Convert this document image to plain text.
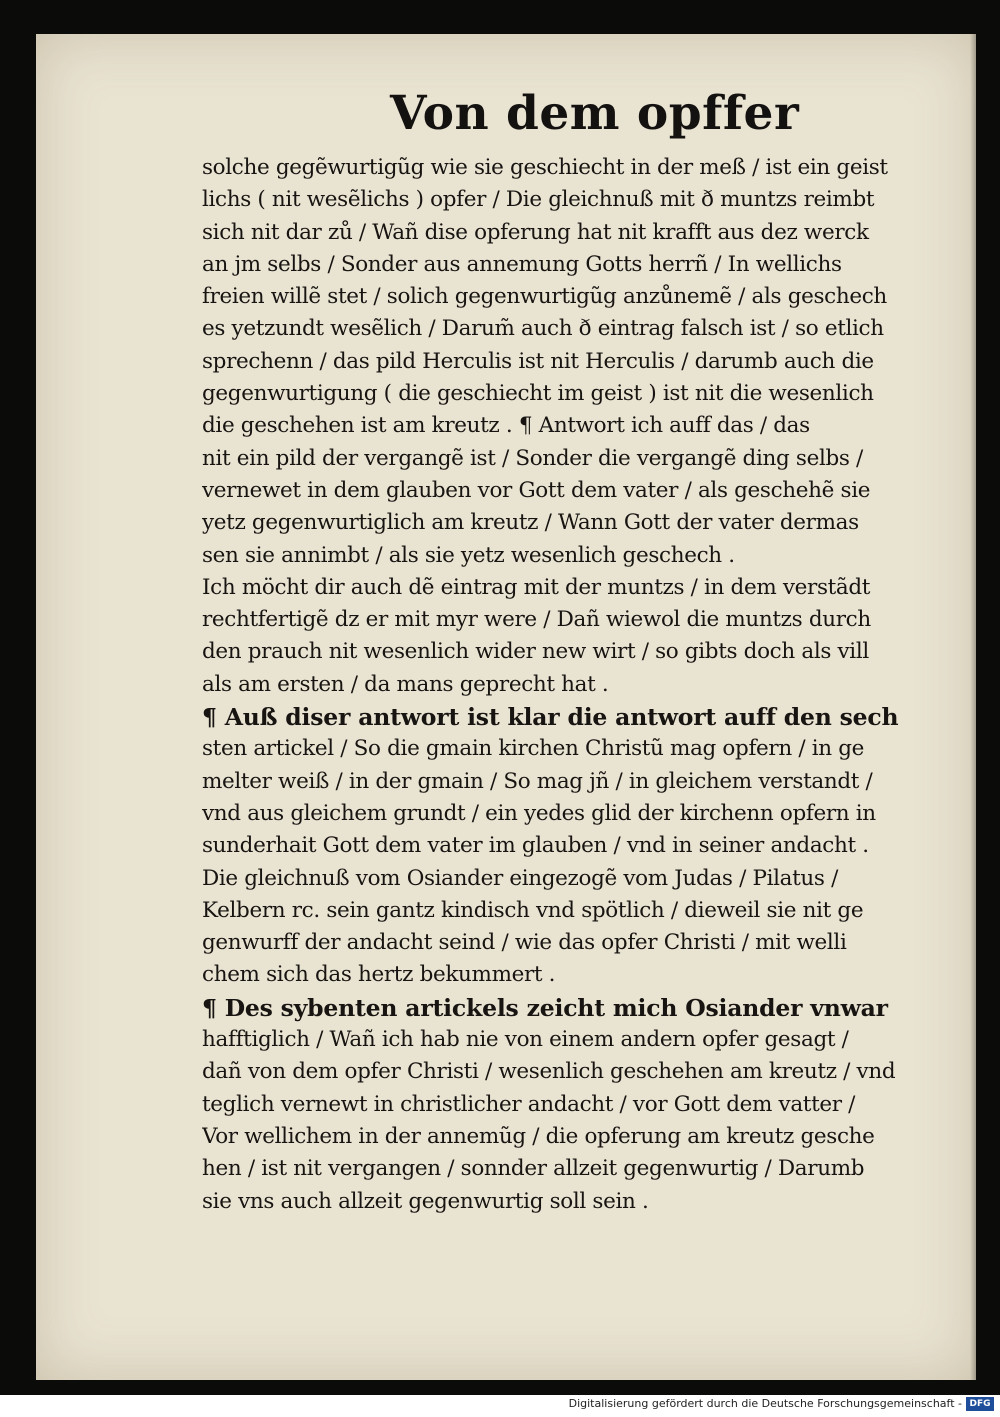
Von dem opffer
solche gegẽwurtigũg wie sie geschiecht in der meß / ist ein geist
lichs ( nit wesẽlichs ) opfer / Die gleichnuß mit ð muntzs reimbt
sich nit dar zů / Wañ dise opferung hat nit krafft aus dez werck
an jm selbs / Sonder aus annemung Gotts herrñ / In wellichs
freien willẽ stet / solich gegenwurtigũg anzůnemẽ / als geschech
es yetzundt wesẽlich / Darum̃ auch ð eintrag falsch ist / so etlich
sprechenn / das pild Herculis ist nit Herculis / darumb auch die
gegenwurtigung ( die geschiecht im geist ) ist nit die wesenlich
die geschehen ist am kreutz . ¶ Antwort ich auff das / das
nit ein pild der vergangẽ ist / Sonder die vergangẽ ding selbs /
vernewet in dem glauben vor Gott dem vater / als geschehẽ sie
yetz gegenwurtiglich am kreutz / Wann Gott der vater dermas
sen sie annimbt / als sie yetz wesenlich geschech .
Ich möcht dir auch dẽ eintrag mit der muntzs / in dem verstãdt
rechtfertigẽ dz er mit myr were / Dañ wiewol die muntzs durch
den prauch nit wesenlich wider new wirt / so gibts doch als vill
als am ersten / da mans geprecht hat .
¶ Auß diser antwort ist klar die antwort auff den sech
sten artickel / So die gmain kirchen Christũ mag opfern / in ge
melter weiß / in der gmain / So mag jñ / in gleichem verstandt /
vnd aus gleichem grundt / ein yedes glid der kirchenn opfern in
sunderhait Gott dem vater im glauben / vnd in seiner andacht .
Die gleichnuß vom Osiander eingezogẽ vom Judas / Pilatus /
Kelbern rc. sein gantz kindisch vnd spötlich / dieweil sie nit ge
genwurff der andacht seind / wie das opfer Christi / mit welli
chem sich das hertz bekummert .
¶ Des sybenten artickels zeicht mich Osiander vnwar
hafftiglich / Wañ ich hab nie von einem andern opfer gesagt /
dañ von dem opfer Christi / wesenlich geschehen am kreutz / vnd
teglich vernewt in christlicher andacht / vor Gott dem vatter /
Vor wellichem in der annemũg / die opferung am kreutz gesche
hen / ist nit vergangen / sonnder allzeit gegenwurtig / Darumb
sie vns auch allzeit gegenwurtig soll sein .
Digitalisierung gefördert durch die Deutsche Forschungsgemeinschaft - DFG
